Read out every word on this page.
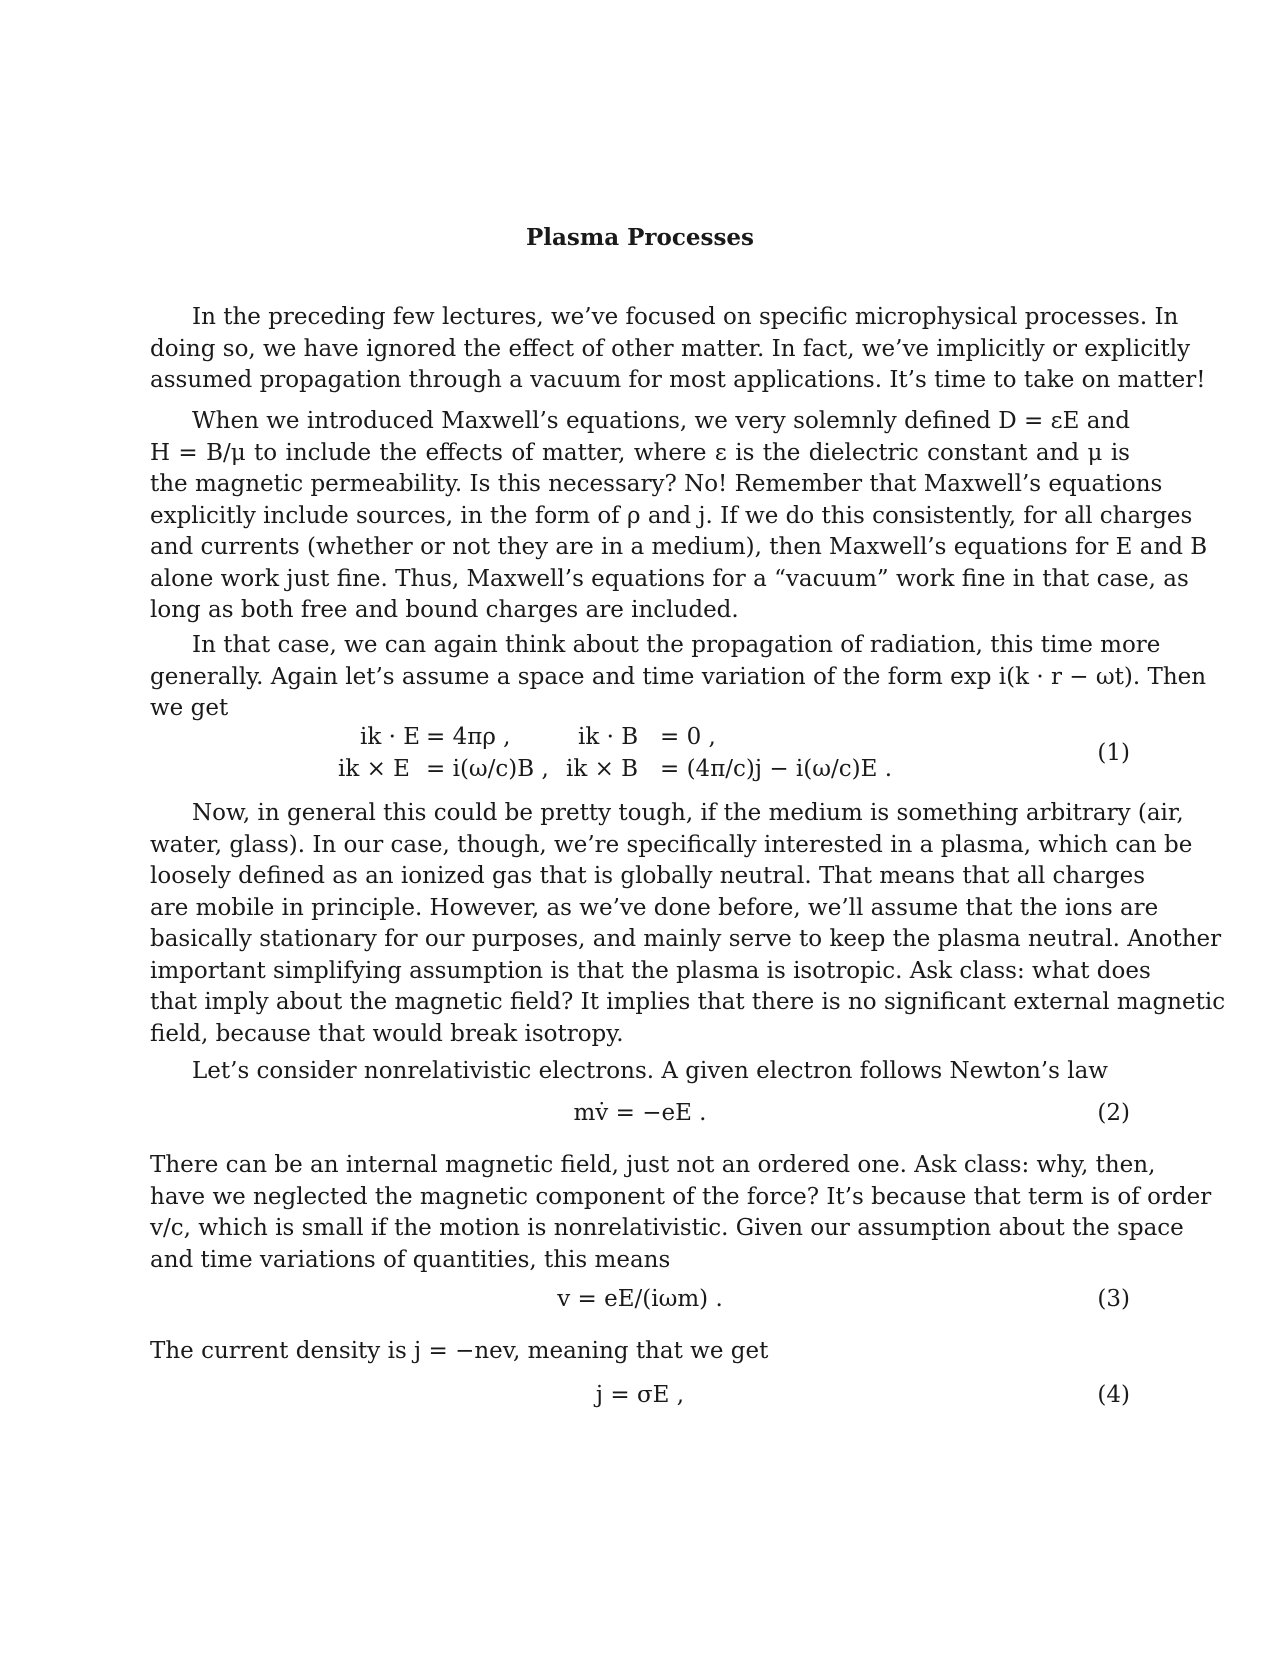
Plasma Processes
In the preceding few lectures, we’ve focused on specific microphysical processes. In
doing so, we have ignored the effect of other matter. In fact, we’ve implicitly or explicitly
assumed propagation through a vacuum for most applications. It’s time to take on matter!
When we introduced Maxwell’s equations, we very solemnly defined D = εE and
H = B/μ to include the effects of matter, where ε is the dielectric constant and μ is
the magnetic permeability. Is this necessary? No! Remember that Maxwell’s equations
explicitly include sources, in the form of ρ and j. If we do this consistently, for all charges
and currents (whether or not they are in a medium), then Maxwell’s equations for E and B
alone work just fine. Thus, Maxwell’s equations for a “vacuum” work fine in that case, as
long as both free and bound charges are included.
In that case, we can again think about the propagation of radiation, this time more
generally. Again let’s assume a space and time variation of the form exp i(k · r − ωt). Then
we get
ik · E = 4πρ ,	ik · B = 0 ,
ik × E = i(ω/c)B , ik × B = (4π/c)j − i(ω/c)E .
(1)
Now, in general this could be pretty tough, if the medium is something arbitrary (air,
water, glass). In our case, though, we’re specifically interested in a plasma, which can be
loosely defined as an ionized gas that is globally neutral. That means that all charges
are mobile in principle. However, as we’ve done before, we’ll assume that the ions are
basically stationary for our purposes, and mainly serve to keep the plasma neutral. Another
important simplifying assumption is that the plasma is isotropic. Ask class: what does
that imply about the magnetic field? It implies that there is no significant external magnetic
field, because that would break isotropy.
Let’s consider nonrelativistic electrons. A given electron follows Newton’s law
mv̇ = −eE .	(2)
There can be an internal magnetic field, just not an ordered one. Ask class: why, then,
have we neglected the magnetic component of the force? It’s because that term is of order
v/c, which is small if the motion is nonrelativistic. Given our assumption about the space
and time variations of quantities, this means
v = eE/(iωm) .	(3)
The current density is j = −nev, meaning that we get
j = σE ,	(4)
